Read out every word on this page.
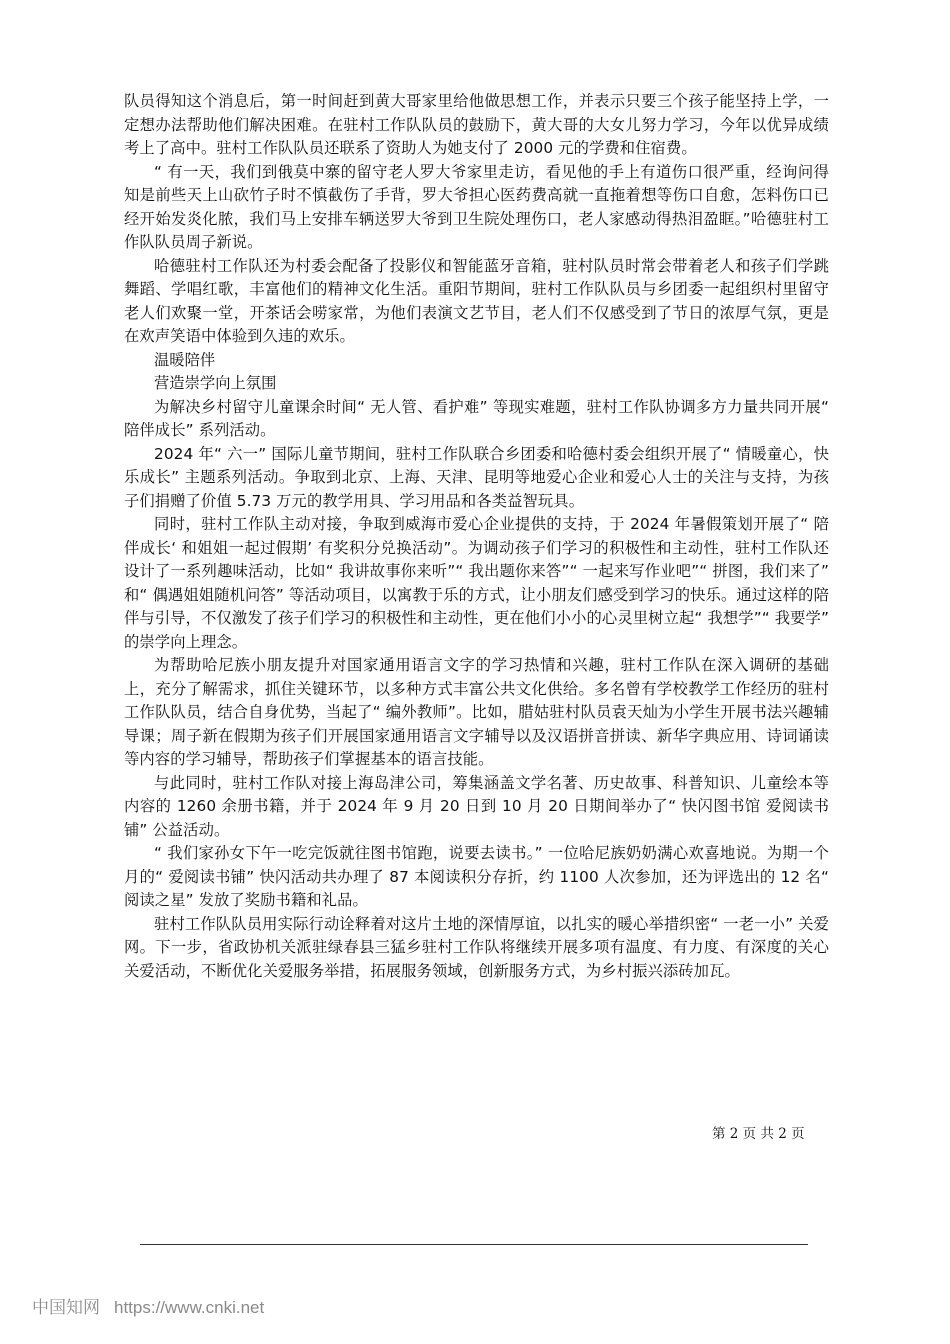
队员得知这个消息后，第一时间赶到黄大哥家里给他做思想工作，并表示只要三个孩子能坚持上学，一定想办法帮助他们解决困难。在驻村工作队队员的鼓励下，黄大哥的大女儿努力学习，今年以优异成绩考上了高中。驻村工作队队员还联系了资助人为她支付了 2000 元的学费和住宿费。

“ 有一天，我们到俄莫中寨的留守老人罗大爷家里走访，看见他的手上有道伤口很严重，经询问得知是前些天上山砍竹子时不慎截伤了手背，罗大爷担心医药费高就一直拖着想等伤口自愈，怎料伤口已经开始发炎化脓，我们马上安排车辆送罗大爷到卫生院处理伤口，老人家感动得热泪盈眶。”哈德驻村工作队队员周子新说。

哈德驻村工作队还为村委会配备了投影仪和智能蓝牙音箱，驻村队员时常会带着老人和孩子们学跳舞蹈、学唱红歌，丰富他们的精神文化生活。重阳节期间，驻村工作队队员与乡团委一起组织村里留守老人们欢聚一堂，开茶话会唠家常，为他们表演文艺节目，老人们不仅感受到了节日的浓厚气氛，更是在欢声笑语中体验到久违的欢乐。

温暖陪伴

营造崇学向上氛围

为解决乡村留守儿童课余时间“ 无人管、看护难” 等现实难题，驻村工作队协调多方力量共同开展“ 陪伴成长” 系列活动。

2024 年“ 六一” 国际儿童节期间，驻村工作队联合乡团委和哈德村委会组织开展了“ 情暖童心，快乐成长” 主题系列活动。争取到北京、上海、天津、昆明等地爱心企业和爱心人士的关注与支持，为孩子们捐赠了价值 5.73 万元的教学用具、学习用品和各类益智玩具。

同时，驻村工作队主动对接，争取到威海市爱心企业提供的支持，于 2024 年暑假策划开展了“ 陪伴成长‘ 和姐姐一起过假期’ 有奖积分兑换活动”。为调动孩子们学习的积极性和主动性，驻村工作队还设计了一系列趣味活动，比如“ 我讲故事你来听”“ 我出题你来答”“ 一起来写作业吧”“ 拼图，我们来了” 和“ 偶遇姐姐随机问答” 等活动项目，以寓教于乐的方式，让小朋友们感受到学习的快乐。通过这样的陪伴与引导，不仅激发了孩子们学习的积极性和主动性，更在他们小小的心灵里树立起“ 我想学”“ 我要学” 的崇学向上理念。

为帮助哈尼族小朋友提升对国家通用语言文字的学习热情和兴趣，驻村工作队在深入调研的基础上，充分了解需求，抓住关键环节，以多种方式丰富公共文化供给。多名曾有学校教学工作经历的驻村工作队队员，结合自身优势，当起了“ 编外教师”。比如，腊姑驻村队员袁天灿为小学生开展书法兴趣辅导课；周子新在假期为孩子们开展国家通用语言文字辅导以及汉语拼音拼读、新华字典应用、诗词诵读等内容的学习辅导，帮助孩子们掌握基本的语言技能。

与此同时，驻村工作队对接上海岛津公司，筹集涵盖文学名著、历史故事、科普知识、儿童绘本等内容的 1260 余册书籍，并于 2024 年 9 月 20 日到 10 月 20 日期间举办了“ 快闪图书馆 爱阅读书铺” 公益活动。

“ 我们家孙女下午一吃完饭就往图书馆跑，说要去读书。” 一位哈尼族奶奶满心欢喜地说。为期一个月的“ 爱阅读书铺” 快闪活动共办理了 87 本阅读积分存折，约 1100 人次参加，还为评选出的 12 名“ 阅读之星” 发放了奖励书籍和礼品。

驻村工作队队员用实际行动诠释着对这片土地的深情厚谊，以扎实的暖心举措织密“ 一老一小” 关爱网。下一步，省政协机关派驻绿春县三猛乡驻村工作队将继续开展多项有温度、有力度、有深度的关心关爱活动，不断优化关爱服务举措，拓展服务领域，创新服务方式，为乡村振兴添砖加瓦。

第 2 页 共 2 页
中国知网 https://www.cnki.net
